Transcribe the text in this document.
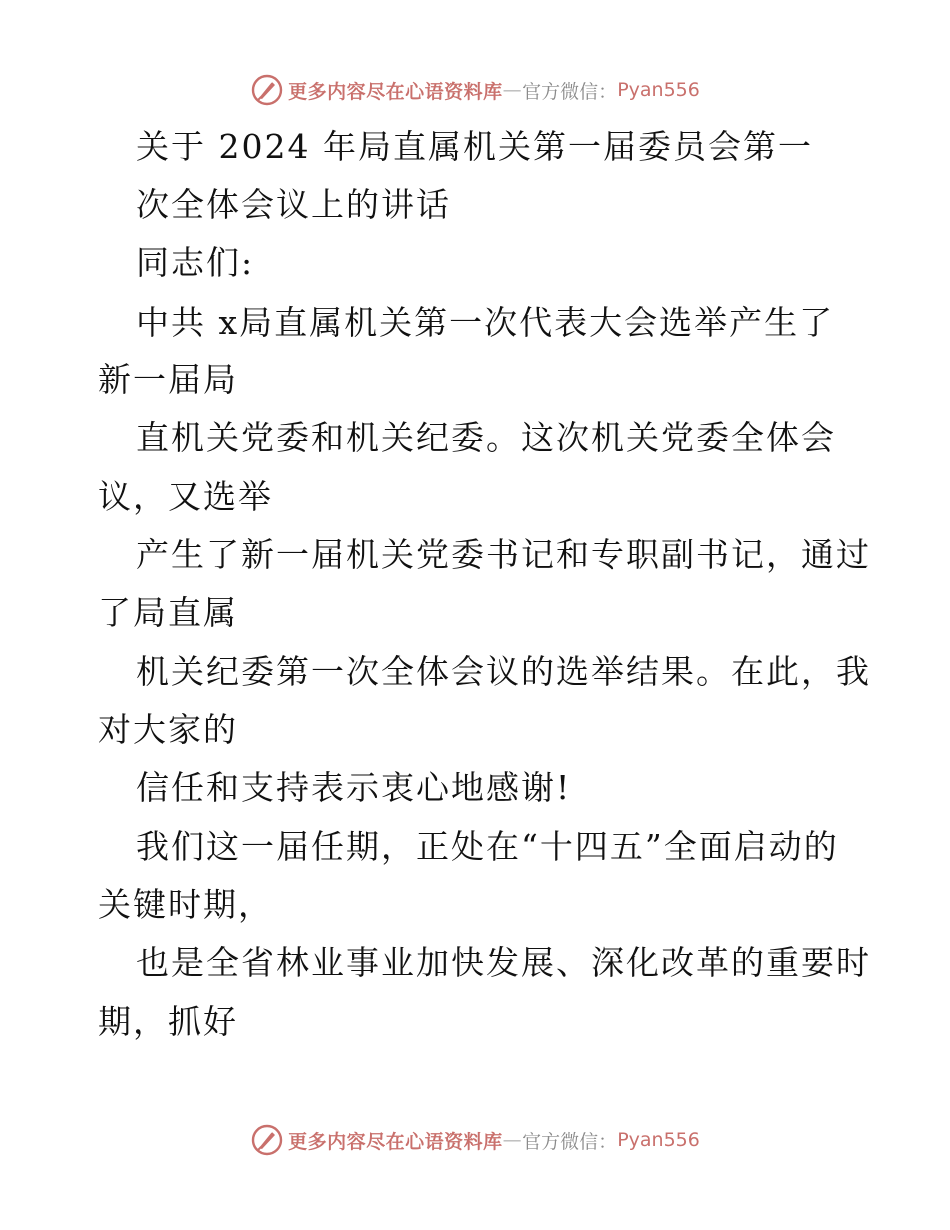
更多内容尽在心语资料库 — 官方微信： Pyan556
关于 2024 年局直属机关第一届委员会第一
次全体会议上的讲话
同志们:
中共 x局直属机关第一次代表大会选举产生了
新一届局
直机关党委和机关纪委。这次机关党委全体会
议，又选举
产生了新一届机关党委书记和专职副书记，通过
了局直属
机关纪委第一次全体会议的选举结果。在此，我
对大家的
信任和支持表示衷心地感谢!
我们这一届任期，正处在“十四五”全面启动的
关键时期，
也是全省林业事业加快发展、深化改革的重要时
期，抓好
更多内容尽在心语资料库 — 官方微信： Pyan556
